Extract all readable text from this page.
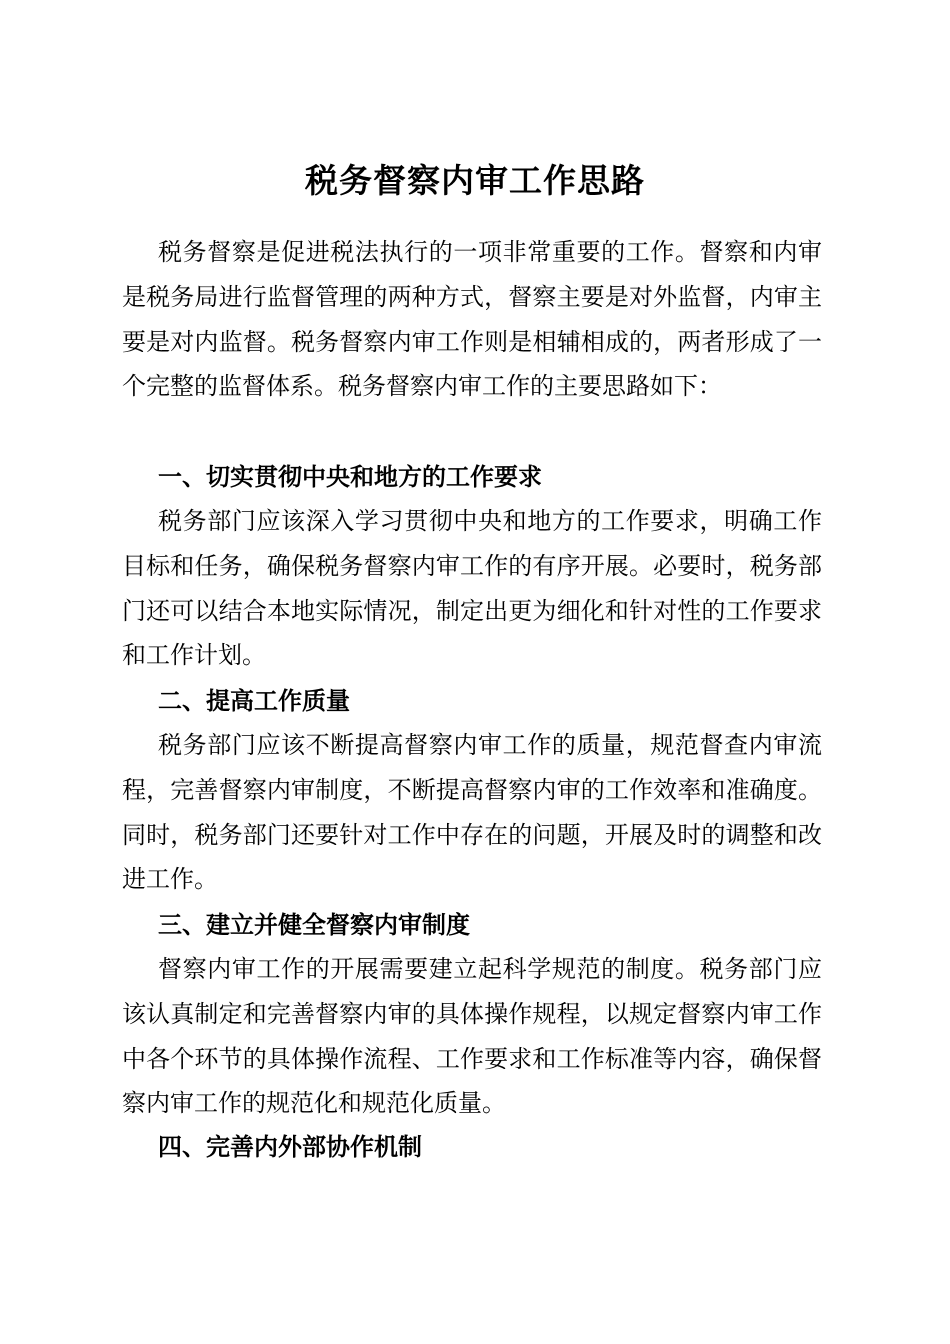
税务督察内审工作思路

税务督察是促进税法执行的一项非常重要的工作。督察和内审是税务局进行监督管理的两种方式，督察主要是对外监督，内审主要是对内监督。税务督察内审工作则是相辅相成的，两者形成了一个完整的监督体系。税务督察内审工作的主要思路如下：

一、切实贯彻中央和地方的工作要求

税务部门应该深入学习贯彻中央和地方的工作要求，明确工作目标和任务，确保税务督察内审工作的有序开展。必要时，税务部门还可以结合本地实际情况，制定出更为细化和针对性的工作要求和工作计划。

二、提高工作质量

税务部门应该不断提高督察内审工作的质量，规范督查内审流程，完善督察内审制度，不断提高督察内审的工作效率和准确度。同时，税务部门还要针对工作中存在的问题，开展及时的调整和改进工作。

三、建立并健全督察内审制度

督察内审工作的开展需要建立起科学规范的制度。税务部门应该认真制定和完善督察内审的具体操作规程，以规定督察内审工作中各个环节的具体操作流程、工作要求和工作标准等内容，确保督察内审工作的规范化和规范化质量。

四、完善内外部协作机制
